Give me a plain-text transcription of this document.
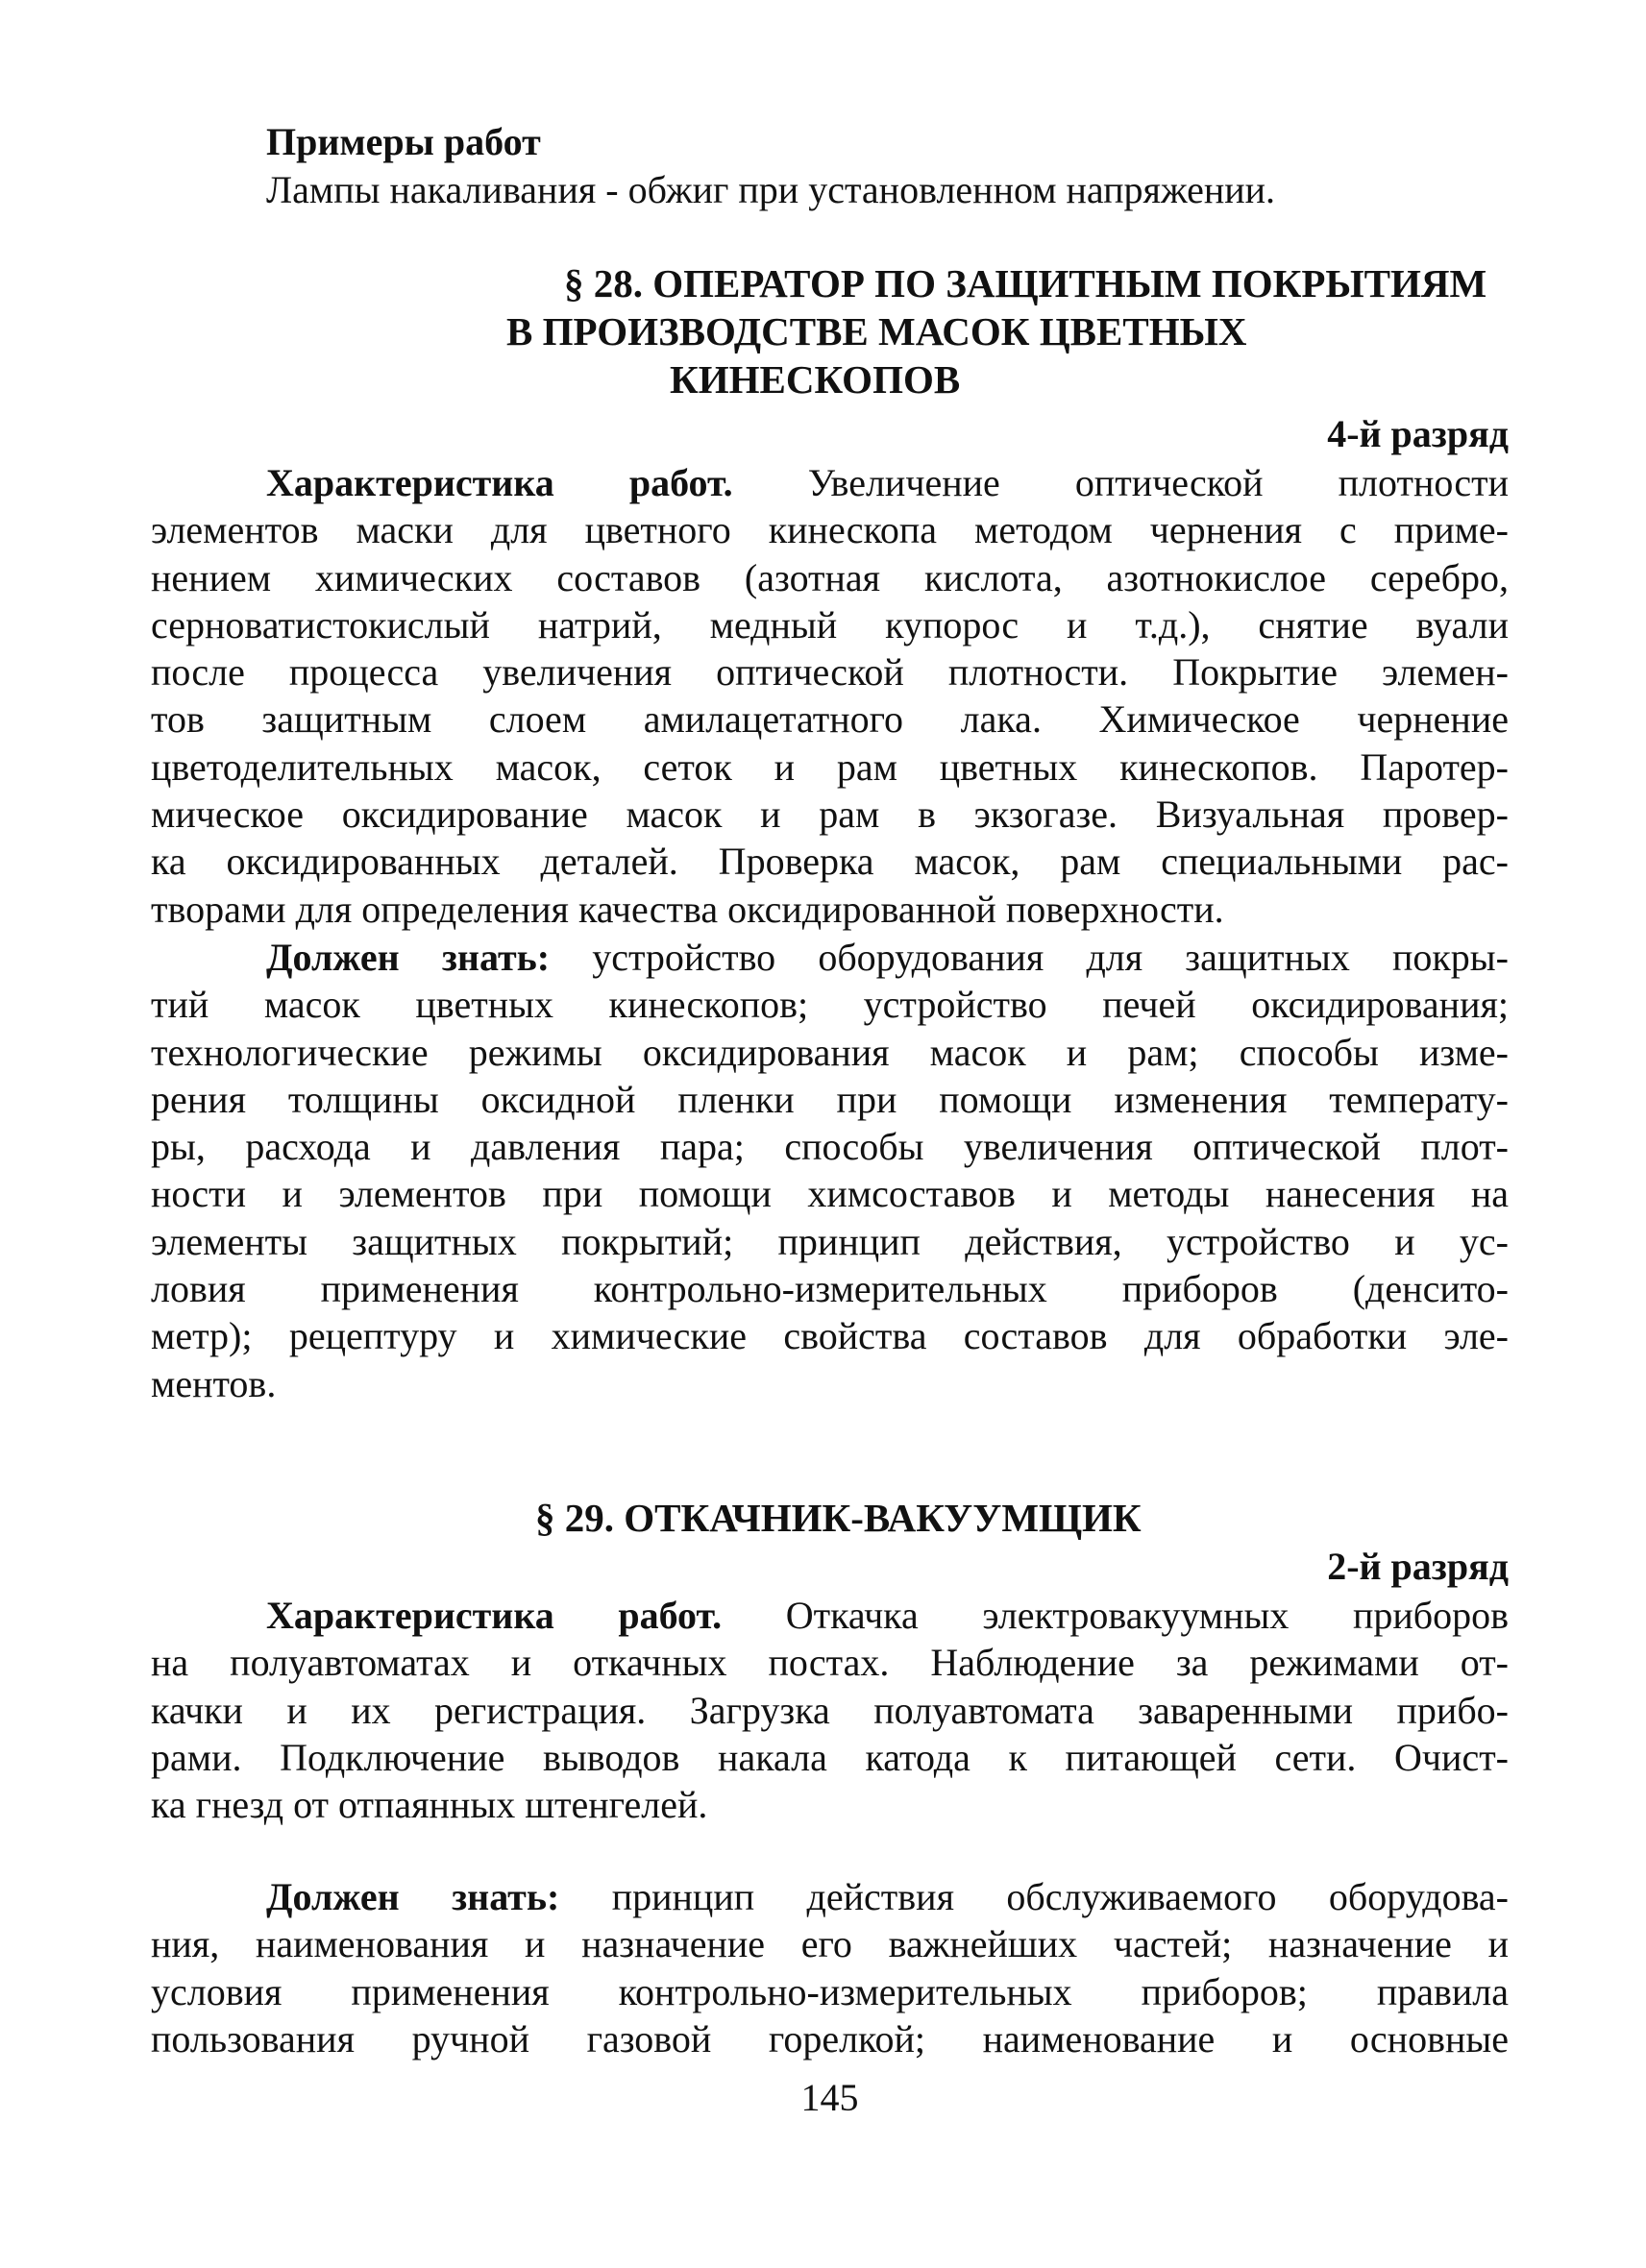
Примеры работ
Лампы накаливания - обжиг при установленном напряжении.
§ 28. ОПЕРАТОР ПО ЗАЩИТНЫМ ПОКРЫТИЯМ
В ПРОИЗВОДСТВЕ МАСОК ЦВЕТНЫХ
КИНЕСКОПОВ
4-й разряд
Характеристика работ. Увеличение оптической плотности
элементов маски для цветного кинескопа методом чернения с приме-
нением химических составов (азотная кислота, азотнокислое серебро,
серноватистокислый натрий, медный купорос и т.д.), снятие вуали
после процесса увеличения оптической плотности. Покрытие элемен-
тов защитным слоем амилацетатного лака. Химическое чернение
цветоделительных масок, сеток и рам цветных кинескопов. Паротер-
мическое оксидирование масок и рам в экзогазе. Визуальная провер-
ка оксидированных деталей. Проверка масок, рам специальными рас-
творами для определения качества оксидированной поверхности.
Должен знать: устройство оборудования для защитных покры-
тий масок цветных кинескопов; устройство печей оксидирования;
технологические режимы оксидирования масок и рам; способы изме-
рения толщины оксидной пленки при помощи изменения температу-
ры, расхода и давления пара; способы увеличения оптической плот-
ности и элементов при помощи химсоставов и методы нанесения на
элементы защитных покрытий; принцип действия, устройство и ус-
ловия применения контрольно-измерительных приборов (денсито-
метр); рецептуру и химические свойства составов для обработки эле-
ментов.
§ 29. ОТКАЧНИК-ВАКУУМЩИК
2-й разряд
Характеристика работ. Откачка электровакуумных приборов
на полуавтоматах и откачных постах. Наблюдение за режимами от-
качки и их регистрация. Загрузка полуавтомата заваренными прибо-
рами. Подключение выводов накала катода к питающей сети. Очист-
ка гнезд от отпаянных штенгелей.
Должен знать: принцип действия обслуживаемого оборудова-
ния, наименования и назначение его важнейших частей; назначение и
условия применения контрольно-измерительных приборов; правила
пользования ручной газовой горелкой; наименование и основные
145
